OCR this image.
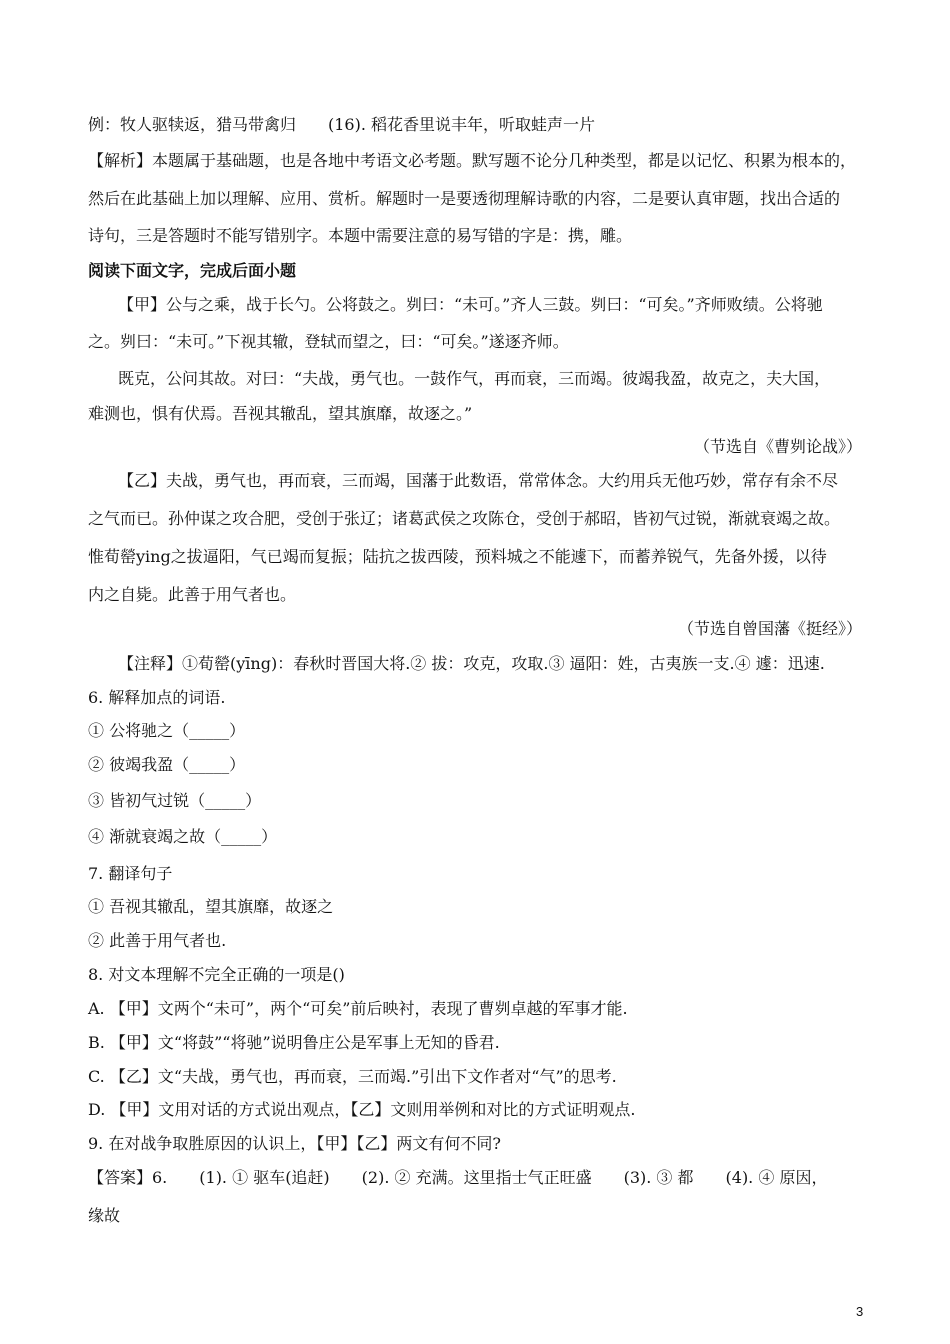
例：牧人驱犊返，猎马带禽归　　(16). 稻花香里说丰年，听取蛙声一片
【解析】本题属于基础题，也是各地中考语文必考题。默写题不论分几种类型，都是以记忆、积累为根本的，
然后在此基础上加以理解、应用、赏析。解题时一是要透彻理解诗歌的内容，二是要认真审题，找出合适的
诗句，三是答题时不能写错别字。本题中需要注意的易写错的字是：携，雕。
阅读下面文字，完成后面小题
【甲】公与之乘，战于长勺。公将鼓之。刿曰：“未可。”齐人三鼓。刿曰：“可矣。”齐师败绩。公将驰
之。刿曰：“未可。”下视其辙，登轼而望之，曰：“可矣。”遂逐齐师。
既克，公问其故。对曰：“夫战，勇气也。一鼓作气，再而衰，三而竭。彼竭我盈，故克之，夫大国，
难测也，惧有伏焉。吾视其辙乱，望其旗靡，故逐之。”
（节选自《曹刿论战》）
【乙】夫战，勇气也，再而衰，三而竭，国藩于此数语，常常体念。大约用兵无他巧妙，常存有余不尽
之气而已。孙仲谋之攻合肥，受创于张辽；诸葛武侯之攻陈仓，受创于郝昭，皆初气过锐，渐就衰竭之故。
惟荀罃ying之拔逼阳，气已竭而复振；陆抗之拔西陵，预料城之不能遽下，而蓄养锐气，先备外援，以待
内之自毙。此善于用气者也。
（节选自曾国藩《挺经》）
【注释】①荀罃(yīng)：春秋时晋国大将.② 拔：攻克，攻取.③ 逼阳：姓，古夷族一支.④ 遽：迅速.
6. 解释加点的词语.
① 公将驰之（_____）
② 彼竭我盈（_____）
③ 皆初气过锐（_____）
④ 渐就衰竭之故（_____）
7. 翻译句子
① 吾视其辙乱，望其旗靡，故逐之
② 此善于用气者也.
8. 对文本理解不完全正确的一项是()
A. 【甲】文两个“未可”，两个“可矣”前后映衬，表现了曹刿卓越的军事才能.
B. 【甲】文“将鼓”“将驰”说明鲁庄公是军事上无知的昏君.
C. 【乙】文“夫战，勇气也，再而衰，三而竭.”引出下文作者对“气”的思考.
D. 【甲】文用对话的方式说出观点，【乙】文则用举例和对比的方式证明观点.
9. 在对战争取胜原因的认识上，【甲】【乙】两文有何不同?
【答案】6.　　(1). ① 驱车(追赶)　　(2). ② 充满。这里指士气正旺盛　　(3). ③ 都　　(4). ④ 原因，
缘故
3
